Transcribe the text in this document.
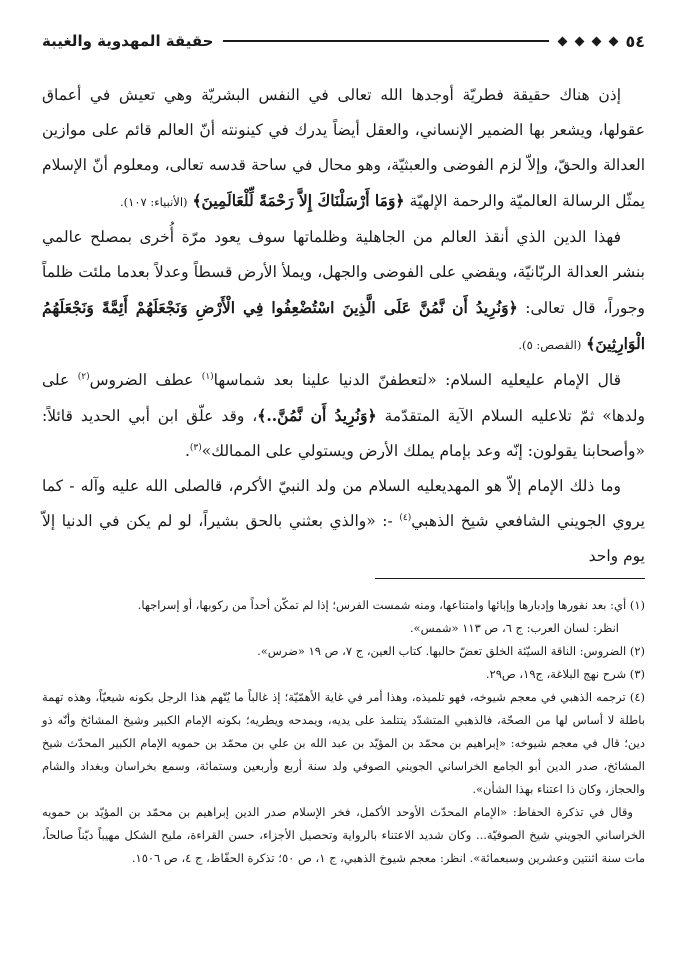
٥٤
حقيقة المهدوية والغيبة

إذن هناك حقيقة فطريّة أوجدها الله تعالى في النفس البشريّة وهي تعيش في أعماق عقولها، ويشعر بها الضمير الإنساني، والعقل أيضاً يدرك في كينونته أنّ العالم قائم على موازين العدالة والحقّ، وإلاّ لزم الفوضى والعبثيّة، وهو محال في ساحة قدسه تعالى، ومعلوم أنّ الإسلام يمثّل الرسالة العالميّة والرحمة الإلهيّة ﴿وَمَا أَرْسَلْنَاكَ إِلاَّ رَحْمَةً لِّلْعَالَمِينَ﴾ (الأنبياء: ١٠٧).

فهذا الدين الذي أنقذ العالم من الجاهلية وظلماتها سوف يعود مرّة أُخرى بمصلح عالمي بنشر العدالة الربّانيّة، ويقضي على الفوضى والجهل، ويملأ الأرض قسطاً وعدلاً بعدما ملئت ظلماً وجوراً، قال تعالى: ﴿وَنُرِيدُ أَن نَّمُنَّ عَلَى الَّذِينَ اسْتُضْعِفُوا فِي الْأَرْضِ وَنَجْعَلَهُمْ أَئِمَّةً وَنَجْعَلَهُمُ الْوَارِثِينَ﴾ (القصص: ٥).

قال الإمام علي‏عليه السلام: «لتعطفنّ الدنيا علينا بعد شماسها$^{(١)}$ عطف الضروس$^{(٢)}$ على ولدها» ثمّ تلاعليه السلام الآية المتقدّمة ﴿وَنُرِيدُ أَن نَّمُنَّ..﴾، وقد علّق ابن أبي الحديد قائلاً: «وأصحابنا يقولون: إنّه وعد بإمام يملك الأرض ويستولي على الممالك»$^{(٣)}$.

وما ذلك الإمام إلاّ هو المهدي‏عليه السلام من ولد النبيّ الأكرم، قال‏صلى الله عليه وآله - كما يروي الجويني الشافعي شيخ الذهبي$^{(٤)}$ -: «والذي بعثني بالحق بشيراً، لو لم يكن في الدنيا إلاّ يوم واحد

(١) أي: بعد نفورها وإدبارها وإبائها وامتناعها، ومنه شمست الفرس؛ إذا لم تمكّن أحداً من ركوبها، أو إسراجها.

انظر: لسان العرب: ج ٦، ص ١١٣ «شمس».

(٢) الضروس: الناقة السيّئة الخلق تعضّ حالبها. كتاب العين، ج ٧، ص ١٩ «ضرس».

(٣) شرح نهج البلاغة، ج١٩، ص٢٩.

(٤) ترجمه الذهبي في معجم شيوخه، فهو تلميذه، وهذا أمر في غاية الأهمّيّة؛ إذ غالباً ما يُتّهم هذا الرجل بكونه شيعيّاً، وهذه تهمة باطلة لا أساس لها من الصحّة، فالذهبي المتشدّد يتتلمذ على يديه، ويمدحه ويطريه؛ بكونه الإمام الكبير وشيخ المشائخ وأنّه ذو دين؛ قال في معجم شيوخه: «إبراهيم بن محمّد بن المؤيّد بن عبد الله بن علي بن محمّد بن حمويه الإمام الكبير المحدّث شيخ المشائخ، صدر الدين أبو الجامع الخراساني الجويني الصوفي ولد سنة أربع وأربعين وستمائة، وسمع بخراسان وبغداد والشام والحجاز، وكان ذا اعتناء بهذا الشأن».

وقال في تذكرة الحفاظ: «الإمام المحدّث الأوحد الأكمل، فخر الإسلام صدر الدين إبراهيم بن محمّد بن المؤيّد بن حمويه الخراساني الجويني شيخ الصوفيّة... وكان شديد الاعتناء بالرواية وتحصيل الأجزاء، حسن القراءة، مليح الشكل مهيباً ديّناً صالحاً، مات سنة اثنتين وعشرين وسبعمائة». انظر: معجم شيوخ الذهبي، ج ١، ص ٥٠؛ تذكرة الحفّاظ، ج ٤، ص ١٥٠٦.
